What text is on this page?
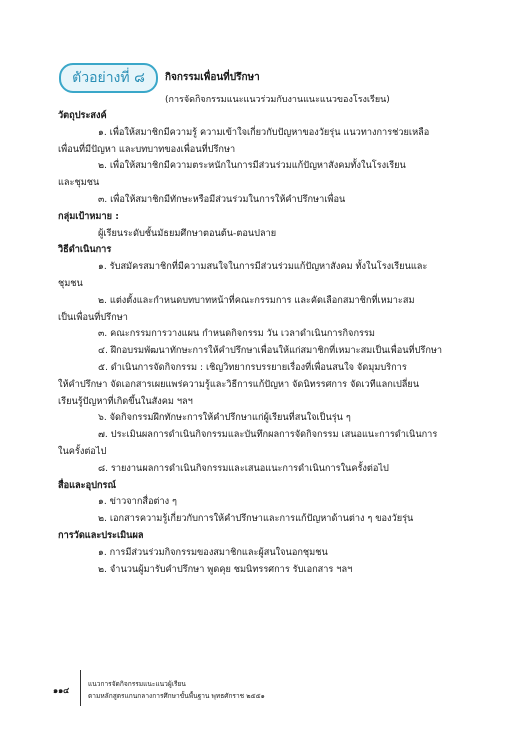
ตัวอย่างที่ ๘	กิจกรรมเพื่อนที่ปรึกษา
(การจัดกิจกรรมแนะแนวร่วมกับงานแนะแนวของโรงเรียน)

วัตถุประสงค์

๑. เพื่อให้สมาชิกมีความรู้ ความเข้าใจเกี่ยวกับปัญหาของวัยรุ่น แนวทางการช่วยเหลือ

เพื่อนที่มีปัญหา และบทบาทของเพื่อนที่ปรึกษา

๒. เพื่อให้สมาชิกมีความตระหนักในการมีส่วนร่วมแก้ปัญหาสังคมทั้งในโรงเรียน

และชุมชน

๓. เพื่อให้สมาชิกมีทักษะหรือมีส่วนร่วมในการให้คำปรึกษาเพื่อน

กลุ่มเป้าหมาย :

ผู้เรียนระดับชั้นมัธยมศึกษาตอนต้น-ตอนปลาย

วิธีดำเนินการ

๑. รับสมัครสมาชิกที่มีความสนใจในการมีส่วนร่วมแก้ปัญหาสังคม ทั้งในโรงเรียนและ

ชุมชน

๒. แต่งตั้งและกำหนดบทบาทหน้าที่คณะกรรมการ และคัดเลือกสมาชิกที่เหมาะสม

เป็นเพื่อนที่ปรึกษา

๓. คณะกรรมการวางแผน กำหนดกิจกรรม วัน เวลาดำเนินการกิจกรรม

๔. ฝึกอบรมพัฒนาทักษะการให้คำปรึกษาเพื่อนให้แก่สมาชิกที่เหมาะสมเป็นเพื่อนที่ปรึกษา

๕. ดำเนินการจัดกิจกรรม : เชิญวิทยากรบรรยายเรื่องที่เพื่อนสนใจ จัดมุมบริการ

ให้คำปรึกษา จัดเอกสารเผยแพร่ความรู้และวิธีการแก้ปัญหา จัดนิทรรศการ จัดเวทีแลกเปลี่ยน

เรียนรู้ปัญหาที่เกิดขึ้นในสังคม ฯลฯ

๖. จัดกิจกรรมฝึกทักษะการให้คำปรึกษาแก่ผู้เรียนที่สนใจเป็นรุ่น ๆ

๗. ประเมินผลการดำเนินกิจกรรมและบันทึกผลการจัดกิจกรรม เสนอแนะการดำเนินการ

ในครั้งต่อไป

๘. รายงานผลการดำเนินกิจกรรมและเสนอแนะการดำเนินการในครั้งต่อไป

สื่อและอุปกรณ์

๑. ข่าวจากสื่อต่าง ๆ

๒. เอกสารความรู้เกี่ยวกับการให้คำปรึกษาและการแก้ปัญหาด้านต่าง ๆ ของวัยรุ่น

การวัดและประเมินผล

๑. การมีส่วนร่วมกิจกรรมของสมาชิกและผู้สนใจนอกชุมชน

๒. จำนวนผู้มารับคำปรึกษา พูดคุย ชมนิทรรศการ รับเอกสาร ฯลฯ

๑๑๔
แนวการจัดกิจกรรมแนะแนวผู้เรียน
ตามหลักสูตรแกนกลางการศึกษาขั้นพื้นฐาน พุทธศักราช ๒๕๕๑
